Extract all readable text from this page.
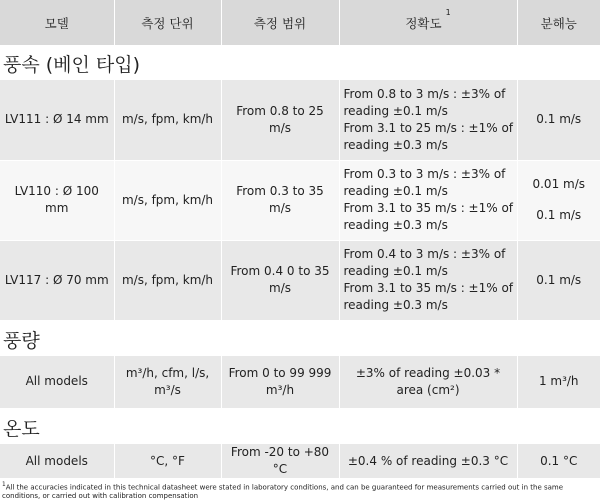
모델	측정 단위	측정 범위	정확도 $^1$	분해능
풍속 (베인 타입)				
LV111 : Ø 14 mm	m/s, fpm, km/h	From 0.8 to 25 m/s	From 0.8 to 3 m/s : ±3% of
reading ±0.1 m/s
From 3.1 to 25 m/s : ±1% of
reading ±0.3 m/s	0.1 m/s
LV110 : Ø 100 mm	m/s, fpm, km/h	From 0.3 to 35 m/s	From 0.3 to 3 m/s : ±3% of
reading ±0.1 m/s
From 3.1 to 35 m/s : ±1% of
reading ±0.3 m/s	0.01 m/s
0.1 m/s
LV117 : Ø 70 mm	m/s, fpm, km/h	From 0.4 0 to 35 m/s	From 0.4 to 3 m/s : ±3% of
reading ±0.1 m/s
From 3.1 to 35 m/s : ±1% of
reading ±0.3 m/s	0.1 m/s
풍량				
All models	m³/h, cfm, l/s, m³/s	From 0 to 99 999 m³/h	±3% of reading ±0.03 * area (cm²)	1 m³/h
온도				
All models	°C, °F	From -20 to +80 °C	±0.4 % of reading ±0.3 °C	0.1 °C
$^1$All the accuracies indicated in this technical datasheet were stated in laboratory conditions, and can be guaranteed for measurements carried out in the same conditions, or carried out with calibration compensation
